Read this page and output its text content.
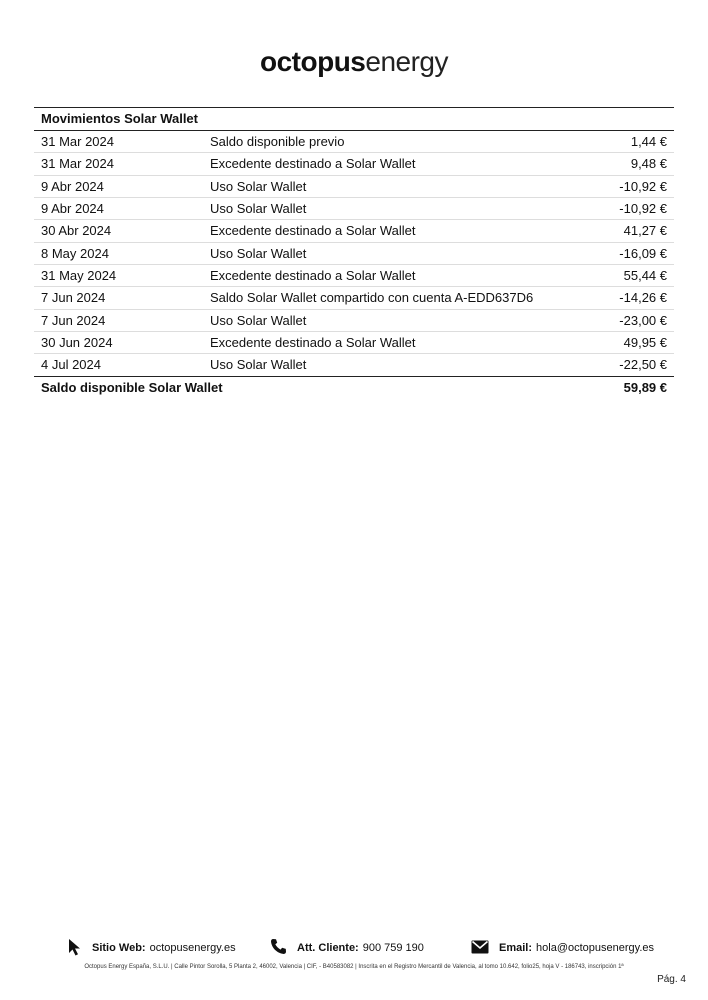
octopusenergy
Movimientos Solar Wallet
31 Mar 2024	Saldo disponible previo	1,44 €
31 Mar 2024	Excedente destinado a Solar Wallet	9,48 €
9 Abr 2024	Uso Solar Wallet	-10,92 €
9 Abr 2024	Uso Solar Wallet	-10,92 €
30 Abr 2024	Excedente destinado a Solar Wallet	41,27 €
8 May 2024	Uso Solar Wallet	-16,09 €
31 May 2024	Excedente destinado a Solar Wallet	55,44 €
7 Jun 2024	Saldo Solar Wallet compartido con cuenta A-EDD637D6	-14,26 €
7 Jun 2024	Uso Solar Wallet	-23,00 €
30 Jun 2024	Excedente destinado a Solar Wallet	49,95 €
4 Jul 2024	Uso Solar Wallet	-22,50 €
Saldo disponible Solar Wallet	59,89 €
Sitio Web: octopusenergy.es	Att. Cliente: 900 759 190	Email: hola@octopusenergy.es
Octopus Energy España, S.L.U. | Calle Pintor Sorolla, 5 Planta 2, 46002, Valencia | CIF, - B40583082 | Inscrita en el Registro Mercantil de Valencia, al tomo 10.642, folio25, hoja V - 186743, inscripción 1ª
Pág. 4
